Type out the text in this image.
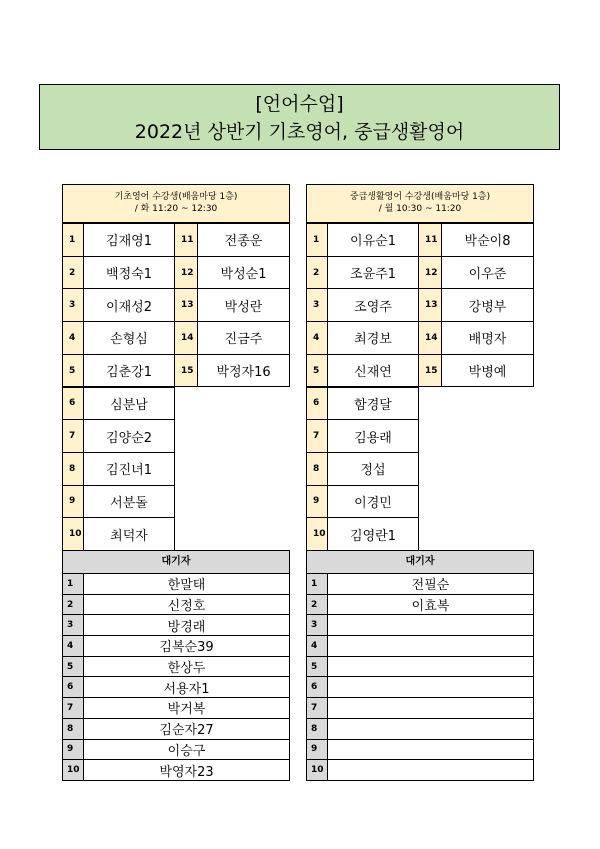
[언어수업]
2022년 상반기 기초영어, 중급생활영어
기초영어 수강생(배움마당 1층)
/ 화 11:20 ~ 12:30
1	김재영1
2	백정숙1
3	이재성2
4	손형심
5	김춘강1
6	심분남
7	김양순2
8	김진녀1
9	서분돌
10	최덕자
11	전종운
12	박성순1
13	박성란
14	진금주
15	박정자16
대기자
1	한말태
2	신정호
3	방경래
4	김복순39
5	한상두
6	서용자1
7	박거복
8	김순자27
9	이승구
10	박영자23
중급생활영어 수강생(배움마당 1층)
/ 월 10:30 ~ 11:20
1	이유순1
2	조윤주1
3	조영주
4	최경보
5	신재연
6	함경달
7	김용래
8	정섭
9	이경민
10	김영란1
11	박순이8
12	이우준
13	강병부
14	배명자
15	박병예
대기자
1	전필순
2	이효복
3
4
5
6
7
8
9
10
